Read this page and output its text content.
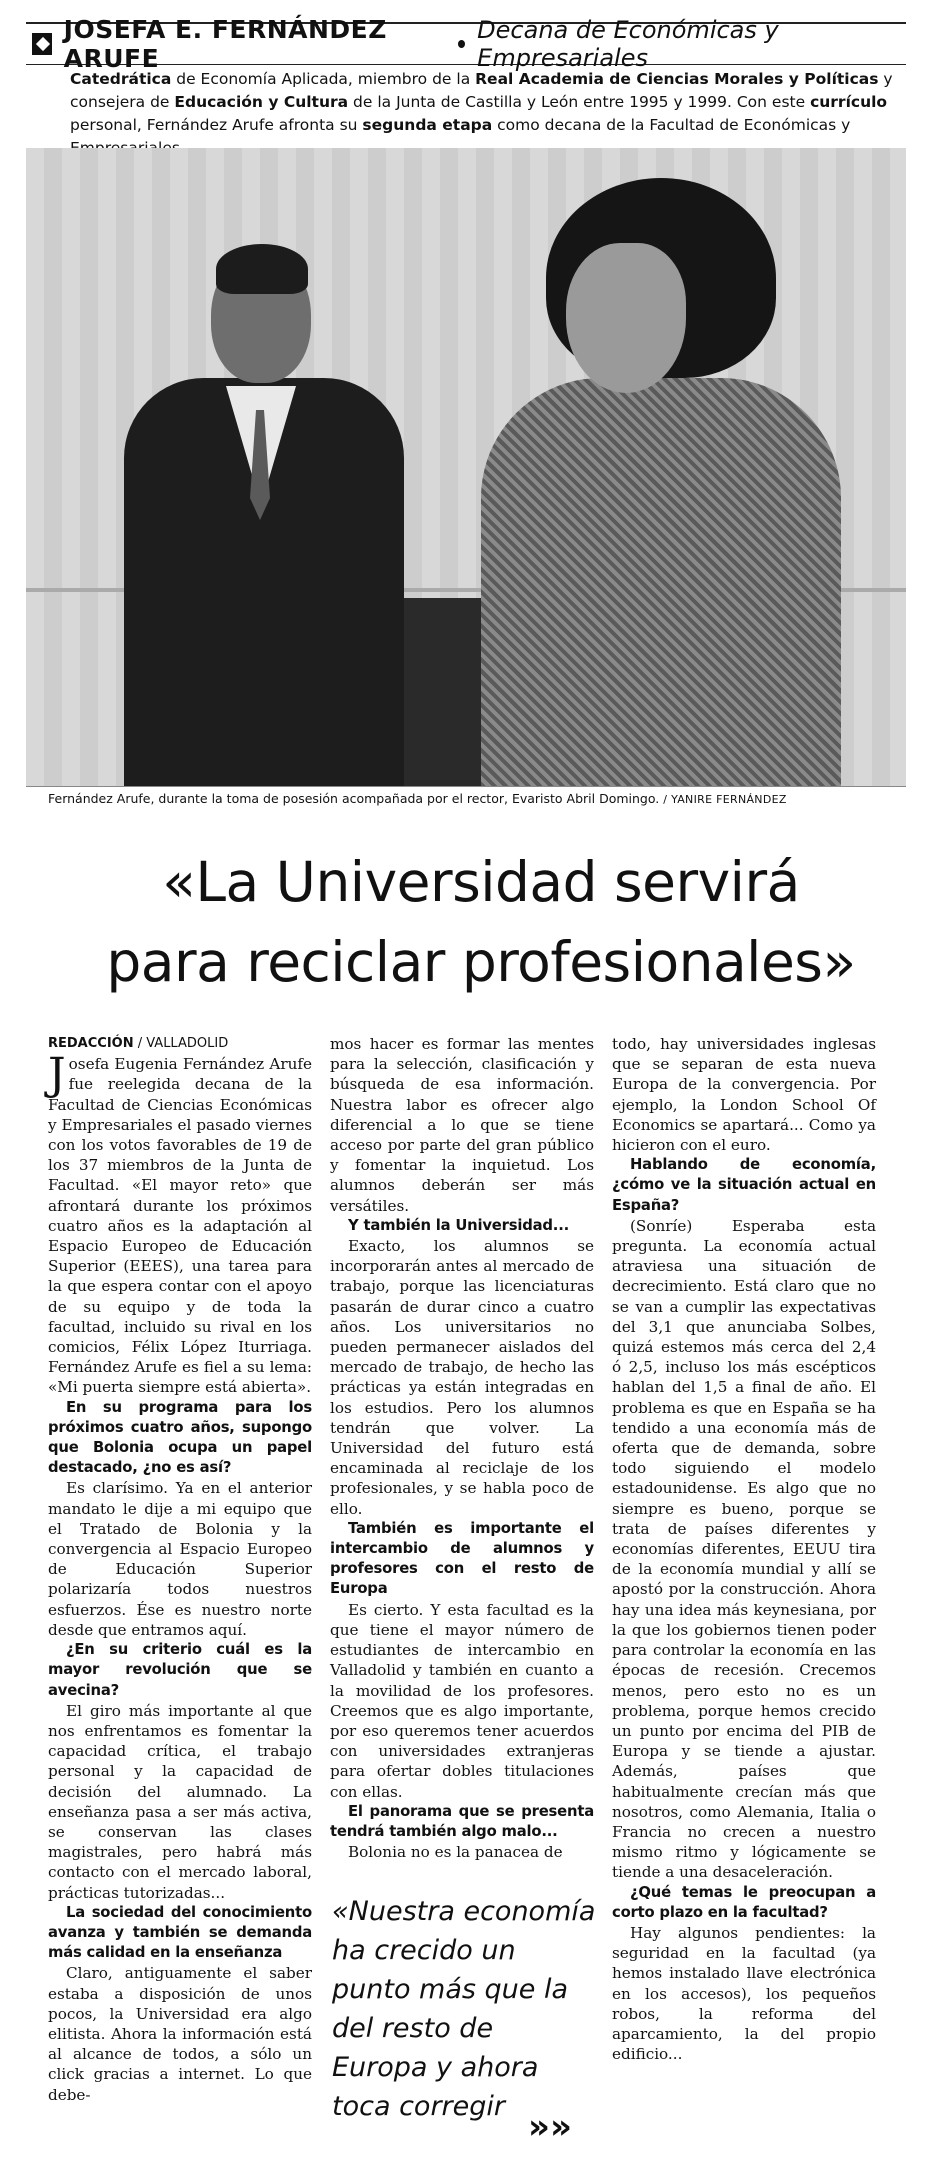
JOSEFA E. FERNÁNDEZ ARUFE
Decana de Económicas y Empresariales
Catedrática de Economía Aplicada, miembro de la Real Academia de Ciencias Morales y Políticas y consejera de Educación y Cultura de la Junta de Castilla y León entre 1995 y 1999. Con este currículo personal, Fernández Arufe afronta su segunda etapa como decana de la Facultad de Económicas y
Fernández Arufe, durante la toma de posesión acompañada por el rector, Evaristo Abril Domingo. / YANIRE FERNÁNDEZ
«La Universidad servirá
para reciclar profesionales»

REDACCIÓN / VALLADOLID

Josefa Eugenia Fernández Arufe fue reelegida decana de la Facultad de Ciencias Económicas y Empresariales el pasado viernes con los votos favorables de 19 de los 37 miembros de la Junta de Facultad. «El mayor reto» que afrontará durante los próximos cuatro años es la adaptación al Espacio Europeo de Educación Superior (EEES), una tarea para la que espera contar con el apoyo de su equipo y de toda la facultad, incluido su rival en los comicios, Félix López Iturriaga. Fernández Arufe es fiel a su lema: «Mi puerta siempre está abierta».

En su programa para los próximos cuatro años, supongo que Bolonia ocupa un papel destacado, ¿no es así?

Es clarísimo. Ya en el anterior mandato le dije a mi equipo que el Tratado de Bolonia y la convergencia al Espacio Europeo de Educación Superior polarizaría todos nuestros esfuerzos. Ése es nuestro norte desde que entramos aquí.

¿En su criterio cuál es la mayor revolución que se avecina?

El giro más importante al que nos enfrentamos es fomentar la capacidad crítica, el trabajo personal y la capacidad de decisión del alumnado. La enseñanza pasa a ser más activa, se conservan las clases magistrales, pero habrá más contacto con el mercado laboral, prácticas tutorizadas...

La sociedad del conocimiento avanza y también se demanda más calidad en la enseñanza

Claro, antiguamente el saber estaba a disposición de unos pocos, la Universidad era algo elitista. Ahora la información está al alcance de todos, a sólo un click gracias a internet. Lo que debe-

mos hacer es formar las mentes para la selección, clasificación y búsqueda de esa información. Nuestra labor es ofrecer algo diferencial a lo que se tiene acceso por parte del gran público y fomentar la inquietud. Los alumnos deberán ser más versátiles.

Y también la Universidad...

Exacto, los alumnos se incorporarán antes al mercado de trabajo, porque las licenciaturas pasarán de durar cinco a cuatro años. Los universitarios no pueden permanecer aislados del mercado de trabajo, de hecho las prácticas ya están integradas en los estudios. Pero los alumnos tendrán que volver. La Universidad del futuro está encaminada al reciclaje de los profesionales, y se habla poco de ello.

También es importante el intercambio de alumnos y profesores con el resto de Europa

Es cierto. Y esta facultad es la que tiene el mayor número de estudiantes de intercambio en Valladolid y también en cuanto a la movilidad de los profesores. Creemos que es algo importante, por eso queremos tener acuerdos con universidades extranjeras para ofertar dobles titulaciones con ellas.

El panorama que se presenta tendrá también algo malo...

Bolonia no es la panacea de

todo, hay universidades inglesas que se separan de esta nueva Europa de la convergencia. Por ejemplo, la London School Of Economics se apartará... Como ya hicieron con el euro.

Hablando de economía, ¿cómo ve la situación actual en España?

(Sonríe) Esperaba esta pregunta. La economía actual atraviesa una situación de decrecimiento. Está claro que no se van a cumplir las expectativas del 3,1 que anunciaba Solbes, quizá estemos más cerca del 2,4 ó 2,5, incluso los más escépticos hablan del 1,5 a final de año. El problema es que en España se ha tendido a una economía más de oferta que de demanda, sobre todo siguiendo el modelo estadounidense. Es algo que no siempre es bueno, porque se trata de países diferentes y economías diferentes, EEUU tira de la economía mundial y allí se apostó por la construcción. Ahora hay una idea más keynesiana, por la que los gobiernos tienen poder para controlar la economía en las épocas de recesión. Crecemos menos, pero esto no es un problema, porque hemos crecido un punto por encima del PIB de Europa y se tiende a ajustar. Además, países que habitualmente crecían más que nosotros, como Alemania, Italia o Francia no crecen a nuestro mismo ritmo y lógicamente se tiende a una desaceleración.

¿Qué temas le preocupan a corto plazo en la facultad?

Hay algunos pendientes: la seguridad en la facultad (ya hemos instalado llave electrónica en los accesos), los pequeños robos, la reforma del aparcamiento, la del propio edificio...

«Nuestra economía ha crecido un punto más que la del resto de Europa y ahora toca corregir
»»
